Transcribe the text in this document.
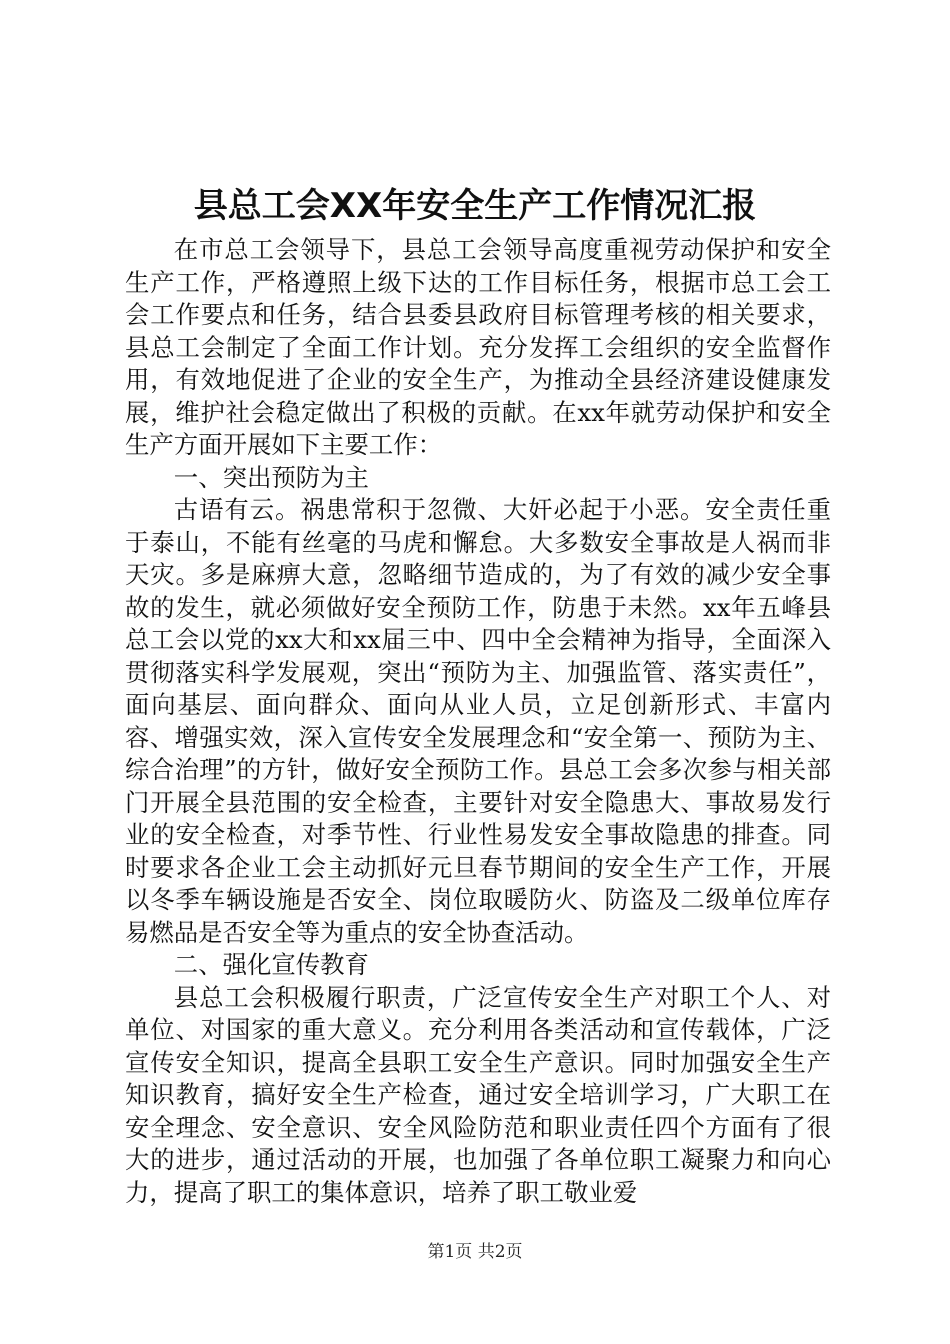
县总工会XX年安全生产工作情况汇报

在市总工会领导下，县总工会领导高度重视劳动保护和安全生产工作，严格遵照上级下达的工作目标任务，根据市总工会工会工作要点和任务，结合县委县政府目标管理考核的相关要求，县总工会制定了全面工作计划。充分发挥工会组织的安全监督作用，有效地促进了企业的安全生产，为推动全县经济建设健康发展，维护社会稳定做出了积极的贡献。在xx年就劳动保护和安全生产方面开展如下主要工作：

一、突出预防为主

古语有云。祸患常积于忽微、大奸必起于小恶。安全责任重于泰山，不能有丝毫的马虎和懈怠。大多数安全事故是人祸而非天灾。多是麻痹大意，忽略细节造成的，为了有效的减少安全事故的发生，就必须做好安全预防工作，防患于未然。xx年五峰县总工会以党的xx大和xx届三中、四中全会精神为指导，全面深入贯彻落实科学发展观，突出“预防为主、加强监管、落实责任”，面向基层、面向群众、面向从业人员，立足创新形式、丰富内容、增强实效，深入宣传安全发展理念和“安全第一、预防为主、综合治理”的方针，做好安全预防工作。县总工会多次参与相关部门开展全县范围的安全检查，主要针对安全隐患大、事故易发行业的安全检查，对季节性、行业性易发安全事故隐患的排查。同时要求各企业工会主动抓好元旦春节期间的安全生产工作，开展以冬季车辆设施是否安全、岗位取暖防火、防盗及二级单位库存易燃品是否安全等为重点的安全协查活动。

二、强化宣传教育

县总工会积极履行职责，广泛宣传安全生产对职工个人、对单位、对国家的重大意义。充分利用各类活动和宣传载体，广泛宣传安全知识，提高全县职工安全生产意识。同时加强安全生产知识教育，搞好安全生产检查，通过安全培训学习，广大职工在安全理念、安全意识、安全风险防范和职业责任四个方面有了很大的进步，通过活动的开展，也加强了各单位职工凝聚力和向心力，提高了职工的集体意识，培养了职工敬业爱

第1页 共2页
